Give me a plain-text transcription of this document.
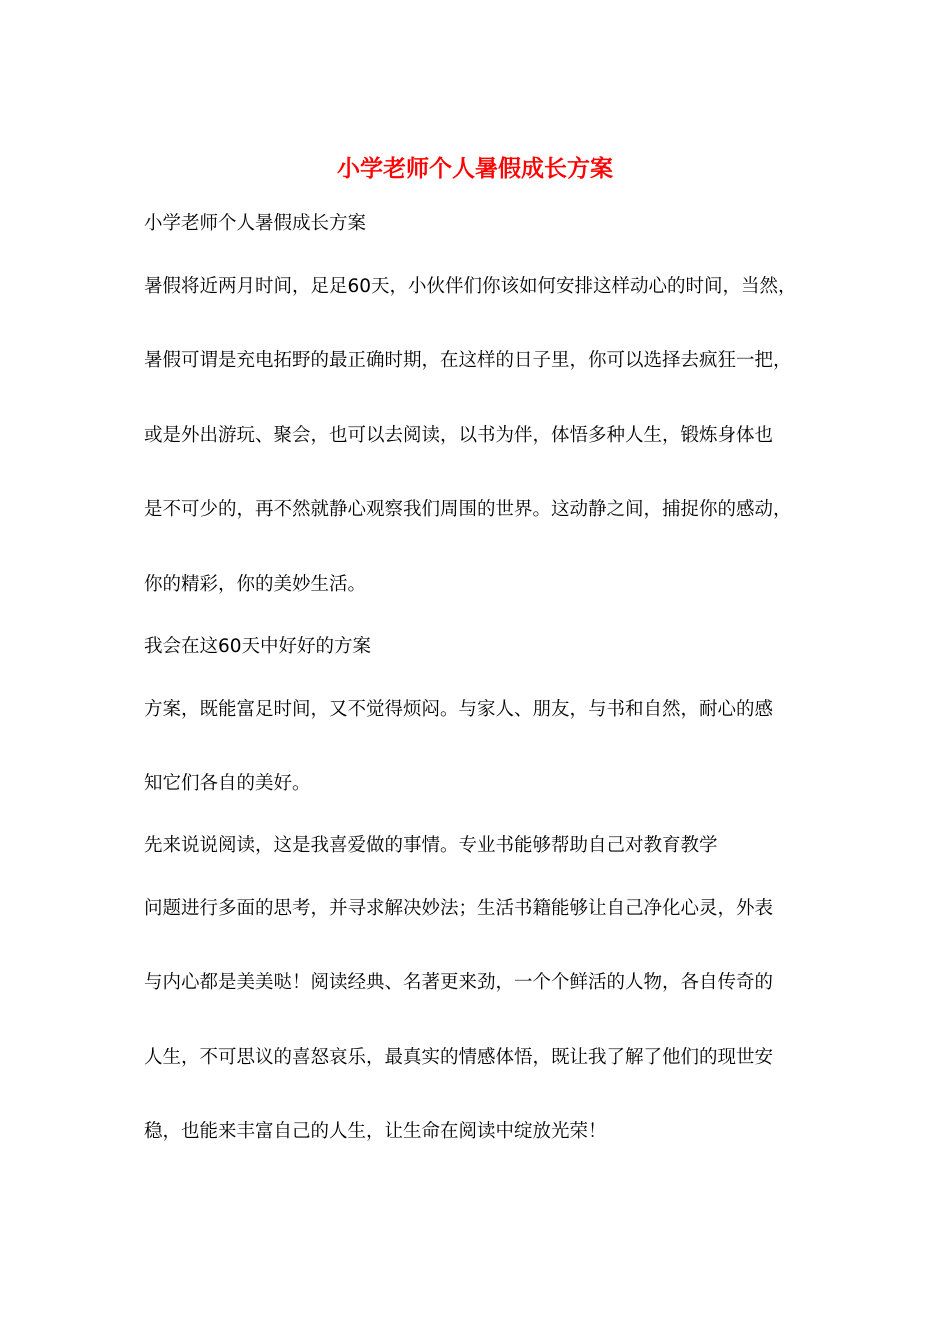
小学老师个人暑假成长方案

小学老师个人暑假成长方案

暑假将近两月时间，足足60天，小伙伴们你该如何安排这样动心的时间，当然，

暑假可谓是充电拓野的最正确时期，在这样的日子里，你可以选择去疯狂一把，

或是外出游玩、聚会，也可以去阅读，以书为伴，体悟多种人生，锻炼身体也

是不可少的，再不然就静心观察我们周围的世界。这动静之间，捕捉你的感动，

你的精彩，你的美妙生活。

我会在这60天中好好的方案

方案，既能富足时间，又不觉得烦闷。与家人、朋友，与书和自然，耐心的感

知它们各自的美好。

先来说说阅读，这是我喜爱做的事情。专业书能够帮助自己对教育教学

问题进行多面的思考，并寻求解决妙法；生活书籍能够让自己净化心灵，外表

与内心都是美美哒！阅读经典、名著更来劲，一个个鲜活的人物，各自传奇的

人生，不可思议的喜怒哀乐，最真实的情感体悟，既让我了解了他们的现世安

稳，也能来丰富自己的人生，让生命在阅读中绽放光荣！
